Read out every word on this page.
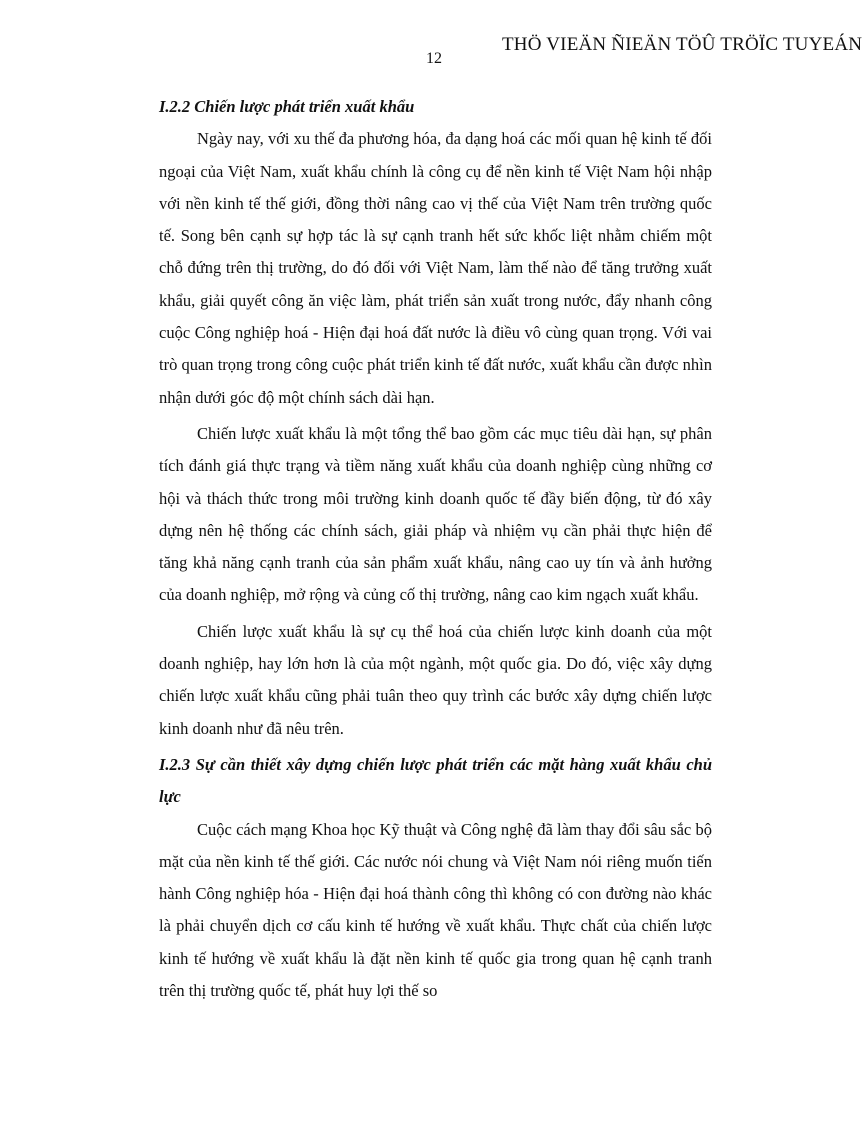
THÖ VIEÄN ÑIEÄN TÖÛ TRÖÏC TUYEÁN
12
I.2.2 Chiến lược phát triển xuất khẩu

Ngày nay, với xu thế đa phương hóa, đa dạng hoá các mối quan hệ kinh tế đối ngoại của Việt Nam, xuất khẩu chính là công cụ để nền kinh tế Việt Nam hội nhập với nền kinh tế thế giới, đồng thời nâng cao vị thế của Việt Nam trên trường quốc tế. Song bên cạnh sự hợp tác là sự cạnh tranh hết sức khốc liệt nhằm chiếm một chỗ đứng trên thị trường, do đó đối với Việt Nam, làm thế nào để tăng trưởng xuất khẩu, giải quyết công ăn việc làm, phát triển sản xuất trong nước, đẩy nhanh công cuộc Công nghiệp hoá - Hiện đại hoá đất nước là điều vô cùng quan trọng. Với vai trò quan trọng trong công cuộc phát triển kinh tế đất nước, xuất khẩu cần được nhìn nhận dưới góc độ một chính sách dài hạn.

Chiến lược xuất khẩu là một tổng thể bao gồm các mục tiêu dài hạn, sự phân tích đánh giá thực trạng và tiềm năng xuất khẩu của doanh nghiệp cùng những cơ hội và thách thức trong môi trường kinh doanh quốc tế đầy biến động, từ đó xây dựng nên hệ thống các chính sách, giải pháp và nhiệm vụ cần phải thực hiện để tăng khả năng cạnh tranh của sản phẩm xuất khẩu, nâng cao uy tín và ảnh hưởng của doanh nghiệp, mở rộng và củng cố thị trường, nâng cao kim ngạch xuất khẩu.

Chiến lược xuất khẩu là sự cụ thể hoá của chiến lược kinh doanh của một doanh nghiệp, hay lớn hơn là của một ngành, một quốc gia. Do đó, việc xây dựng chiến lược xuất khẩu cũng phải tuân theo quy trình các bước xây dựng chiến lược kinh doanh như đã nêu trên.

I.2.3 Sự cần thiết xây dựng chiến lược phát triển các mặt hàng xuất khẩu chủ lực

Cuộc cách mạng Khoa học Kỹ thuật và Công nghệ đã làm thay đổi sâu sắc bộ mặt của nền kinh tế thế giới. Các nước nói chung và Việt Nam nói riêng muốn tiến hành Công nghiệp hóa - Hiện đại hoá thành công thì không có con đường nào khác là phải chuyển dịch cơ cấu kinh tế hướng về xuất khẩu. Thực chất của chiến lược kinh tế hướng về xuất khẩu là đặt nền kinh tế quốc gia trong quan hệ cạnh tranh trên thị trường quốc tế, phát huy lợi thế so
